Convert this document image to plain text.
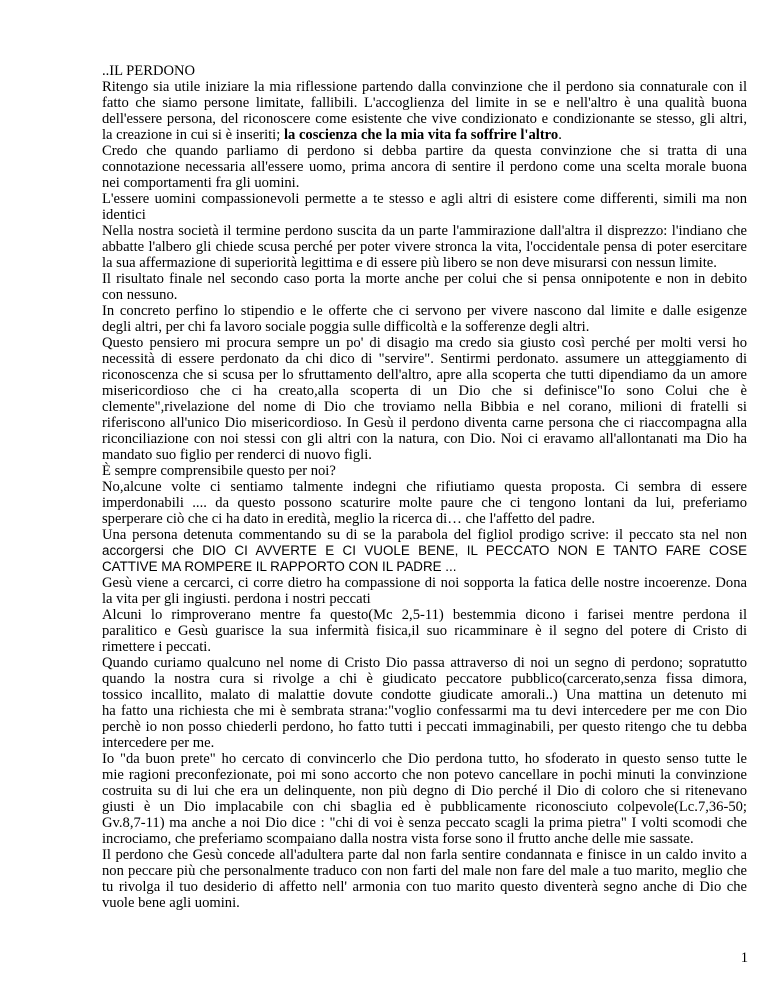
..IL PERDONO
Ritengo sia utile iniziare la mia riflessione partendo dalla convinzione che il perdono sia connaturale con il
fatto che siamo persone limitate, fallibili. L'accoglienza del limite in se e nell'altro è una qualità buona
dell'essere persona, del riconoscere come esistente che vive condizionato e condizionante se stesso, gli altri,
la creazione in cui si è inseriti; la coscienza che la mia vita fa soffrire l'altro.
Credo che quando parliamo di perdono si debba partire da questa convinzione che si tratta di una
connotazione necessaria all'essere uomo, prima ancora di sentire il perdono come una scelta morale buona
nei comportamenti fra gli uomini.
L'essere uomini compassionevoli permette a te stesso e agli altri di esistere come differenti, simili ma non
identici
Nella nostra società il termine perdono suscita da un parte l'ammirazione dall'altra il disprezzo: l'indiano che
abbatte l'albero gli chiede scusa perché per poter vivere stronca la vita, l'occidentale pensa di poter esercitare
la sua affermazione di superiorità legittima e di essere più libero se non deve misurarsi con nessun limite.
Il risultato finale nel secondo caso porta la morte anche per colui che si pensa onnipotente e non in debito
con nessuno.
In concreto perfino lo stipendio e le offerte che ci servono per vivere nascono dal limite e dalle esigenze
degli altri, per chi fa lavoro sociale poggia sulle difficoltà e la sofferenze degli altri.
Questo pensiero mi procura sempre un po' di disagio ma credo sia giusto così perché per molti versi ho
necessità di essere perdonato da chi dico di "servire". Sentirmi perdonato. assumere un atteggiamento di
riconoscenza che si scusa per lo sfruttamento dell'altro, apre alla scoperta che tutti dipendiamo da un amore
misericordioso che ci ha creato,alla scoperta di un Dio che si definisce"Io sono Colui che è
clemente",rivelazione del nome di Dio che troviamo nella Bibbia e nel corano, milioni di fratelli si
riferiscono all'unico Dio misericordioso. In Gesù il perdono diventa carne persona che ci riaccompagna alla
riconciliazione con noi stessi con gli altri con la natura, con Dio. Noi ci eravamo all'allontanati ma Dio ha
mandato suo figlio per renderci di nuovo figli.
È sempre comprensibile questo per noi?
No,alcune volte ci sentiamo talmente indegni che rifiutiamo questa proposta. Ci sembra di essere
imperdonabili .... da questo possono scaturire molte paure che ci tengono lontani da lui, preferiamo
sperperare ciò che ci ha dato in eredità, meglio la ricerca di… che l'affetto del padre.
Una persona detenuta commentando su di se la parabola del figliol prodigo scrive: il peccato sta nel non
accorgersi che DIO CI AVVERTE E CI VUOLE BENE, IL PECCATO NON E TANTO FARE COSE
CATTIVE MA ROMPERE IL RAPPORTO CON IL PADRE ...
Gesù viene a cercarci, ci corre dietro ha compassione di noi sopporta la fatica delle nostre incoerenze. Dona
la vita per gli ingiusti. perdona i nostri peccati
Alcuni lo rimproverano mentre fa questo(Mc 2,5-11) bestemmia dicono i farisei mentre perdona il
paralitico e Gesù guarisce la sua infermità fisica,il suo ricamminare è il segno del potere di Cristo di
rimettere i peccati.
Quando curiamo qualcuno nel nome di Cristo Dio passa attraverso di noi un segno di perdono; sopratutto
quando la nostra cura si rivolge a chi è giudicato peccatore pubblico(carcerato,senza fissa dimora,
tossico incallito, malato di malattie dovute condotte giudicate amorali..) Una mattina un detenuto mi
ha fatto una richiesta che mi è sembrata strana:"voglio confessarmi ma tu devi intercedere per me con Dio
perchè io non posso chiederli perdono, ho fatto tutti i peccati immaginabili, per questo ritengo che tu debba
intercedere per me.
Io "da buon prete" ho cercato di convincerlo che Dio perdona tutto, ho sfoderato in questo senso tutte le
mie ragioni preconfezionate, poi mi sono accorto che non potevo cancellare in pochi minuti la convinzione
costruita su di lui che era un delinquente, non più degno di Dio perché il Dio di coloro che si ritenevano
giusti è un Dio implacabile con chi sbaglia ed è pubblicamente riconosciuto colpevole(Lc.7,36-50;
Gv.8,7-11) ma anche a noi Dio dice : "chi di voi è senza peccato scagli la prima pietra" I volti scomodi che
incrociamo, che preferiamo scompaiano dalla nostra vista forse sono il frutto anche delle mie sassate.
Il perdono che Gesù concede all'adultera parte dal non farla sentire condannata e finisce in un caldo invito a
non peccare più che personalmente traduco con non farti del male non fare del male a tuo marito, meglio che
tu rivolga il tuo desiderio di affetto nell' armonia con tuo marito questo diventerà segno anche di Dio che
vuole bene agli uomini.
1
